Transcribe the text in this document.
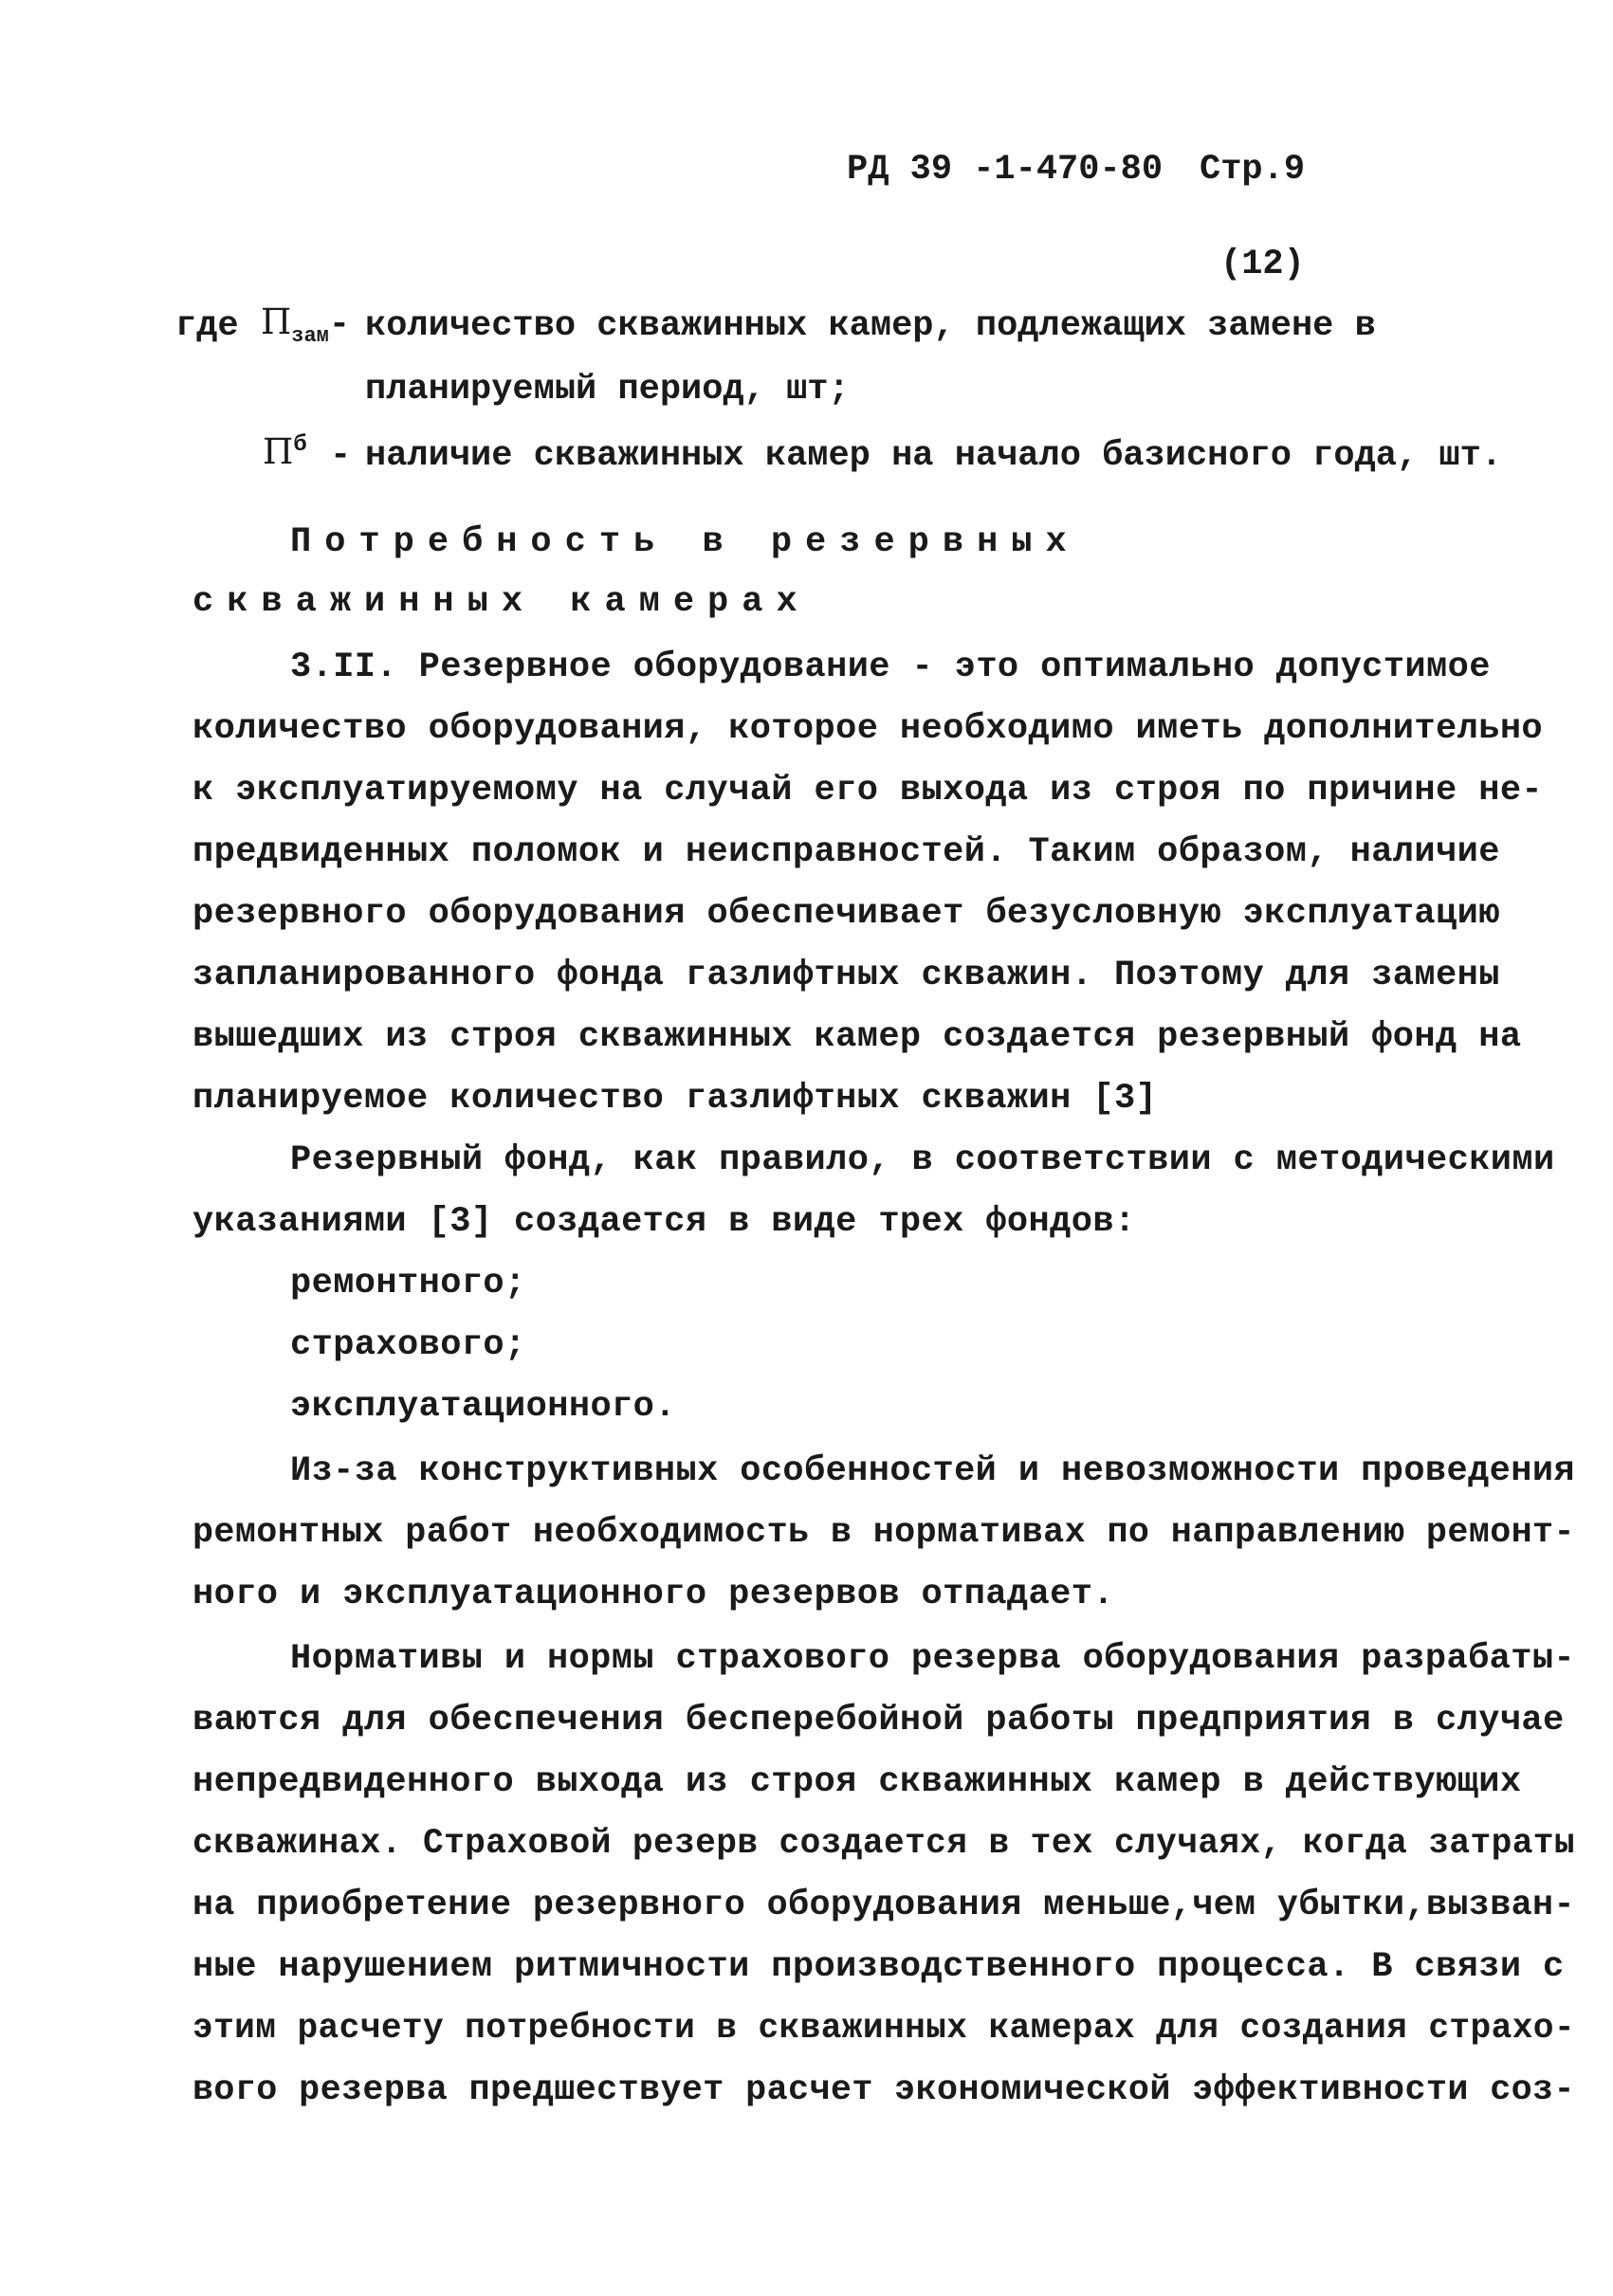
РД 39 -1-470-80 Стр.9
(12)
где $П_{зам}-$ количество скважинных камер, подлежащих замене в
планируемый период, шт;
$П^б$ - наличие скважинных камер на начало базисного года, шт.
Потребность в резервных
скважинных камерах
3.II. Резервное оборудование - это оптимально допустимое
количество оборудования, которое необходимо иметь дополнительно
к эксплуатируемому на случай его выхода из строя по причине не-
предвиденных поломок и неисправностей. Таким образом, наличие
резервного оборудования обеспечивает безусловную эксплуатацию
запланированного фонда газлифтных скважин. Поэтому для замены
вышедших из строя скважинных камер создается резервный фонд на
планируемое количество газлифтных скважин [3]
Резервный фонд, как правило, в соответствии с методическими
указаниями [3] создается в виде трех фондов:
ремонтного;
страхового;
эксплуатационного.
Из-за конструктивных особенностей и невозможности проведения
ремонтных работ необходимость в нормативах по направлению ремонт-
ного и эксплуатационного резервов отпадает.
Нормативы и нормы страхового резерва оборудования разрабаты-
ваются для обеспечения бесперебойной работы предприятия в случае
непредвиденного выхода из строя скважинных камер в действующих
скважинах. Страховой резерв создается в тех случаях, когда затраты
на приобретение резервного оборудования меньше,чем убытки,вызван-
ные нарушением ритмичности производственного процесса. В связи с
этим расчету потребности в скважинных камерах для создания страхо-
вого резерва предшествует расчет экономической эффективности соз-
